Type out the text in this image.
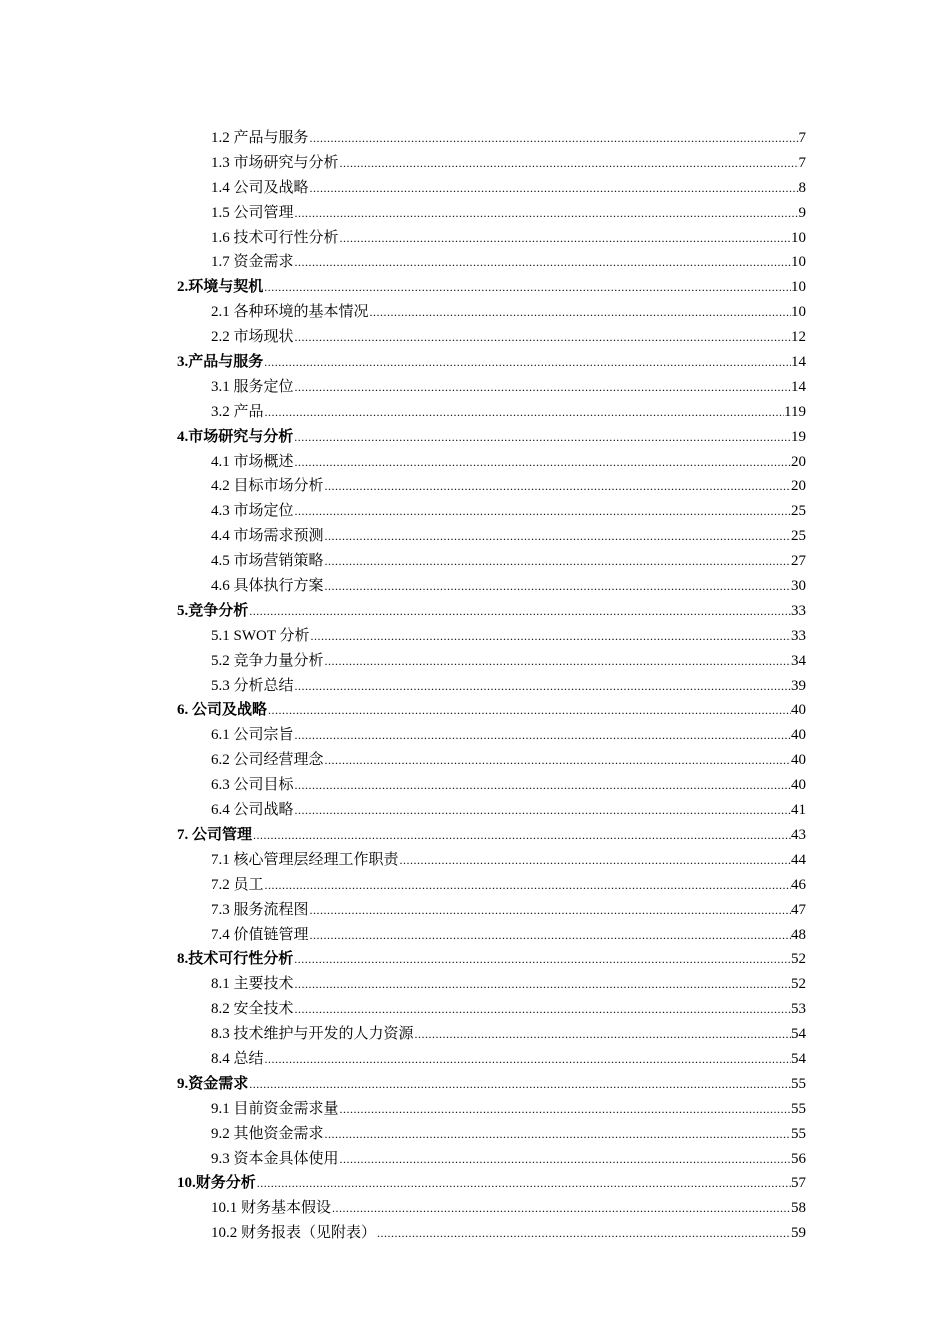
1.2 产品与服务 .....	7
1.3 市场研究与分析 .....	7
1.4 公司及战略 .....	8
1.5 公司管理 .....	9
1.6 技术可行性分析 .....	10
1.7 资金需求 .....	10
2.环境与契机 .....	10
2.1 各种环境的基本情况 .....	10
2.2 市场现状 .....	12
3.产品与服务 .....	14
3.1 服务定位 .....	14
3.2 产品 .....	119
4.市场研究与分析 .....	19
4.1 市场概述 .....	20
4.2 目标市场分析 .....	20
4.3 市场定位 .....	25
4.4 市场需求预测 .....	25
4.5 市场营销策略 .....	27
4.6 具体执行方案 .....	30
5.竞争分析 .....	33
5.1 SWOT 分析 .....	33
5.2 竞争力量分析 .....	34
5.3 分析总结 .....	39
6. 公司及战略 .....	40
6.1 公司宗旨 .....	40
6.2 公司经营理念 .....	40
6.3 公司目标 .....	40
6.4 公司战略 .....	41
7. 公司管理 .....	43
7.1 核心管理层经理工作职责 .....	44
7.2 员工 .....	46
7.3 服务流程图 .....	47
7.4 价值链管理 .....	48
8.技术可行性分析 .....	52
8.1 主要技术 .....	52
8.2 安全技术 .....	53
8.3 技术维护与开发的人力资源 .....	54
8.4 总结 .....	54
9.资金需求 .....	55
9.1 目前资金需求量 .....	55
9.2 其他资金需求 .....	55
9.3 资本金具体使用 .....	56
10.财务分析 .....	57
10.1 财务基本假设 .....	58
10.2 财务报表（见附表） .....	59
